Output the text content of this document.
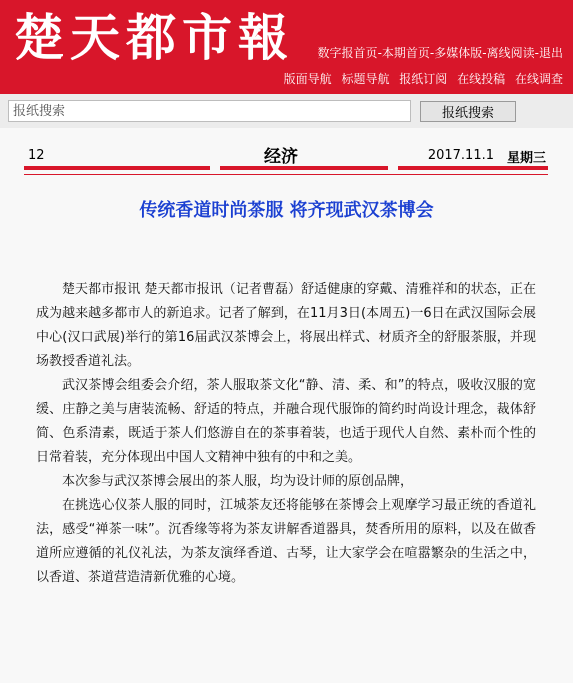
楚天都市報 数字报首页-本期首页-多媒体版-离线阅读-退出
版面导航 标题导航 报纸订阅 在线投稿 在线调查
报纸搜索
报纸搜索
12	经济	2017.11.1 星期三
传统香道时尚茶服 将齐现武汉茶博会

楚天都市报讯 楚天都市报讯（记者曹磊）舒适健康的穿戴、清雅祥和的状态，正在成为越来越多都市人的新追求。记者了解到，在11月3日(本周五)一6日在武汉国际会展中心(汉口武展)举行的第16届武汉茶博会上，将展出样式、材质齐全的舒服茶服，并现场教授香道礼法。

武汉茶博会组委会介绍，茶人服取茶文化“静、清、柔、和”的特点，吸收汉服的宽缓、庄静之美与唐装流畅、舒适的特点，并融合现代服饰的简约时尚设计理念，裁体舒简、色系清素，既适于茶人们悠游自在的茶事着装，也适于现代人自然、素朴而个性的日常着装，充分体现出中国人文精神中独有的中和之美。

本次参与武汉茶博会展出的茶人服，均为设计师的原创品牌，

在挑选心仪茶人服的同时，江城茶友还将能够在茶博会上观摩学习最正统的香道礼法，感受“禅茶一味”。沉香缘等将为茶友讲解香道器具，焚香所用的原料，以及在做香道所应遵循的礼仪礼法，为茶友演绎香道、古琴，让大家学会在喧嚣繁杂的生活之中，以香道、茶道营造清新优雅的心境。
